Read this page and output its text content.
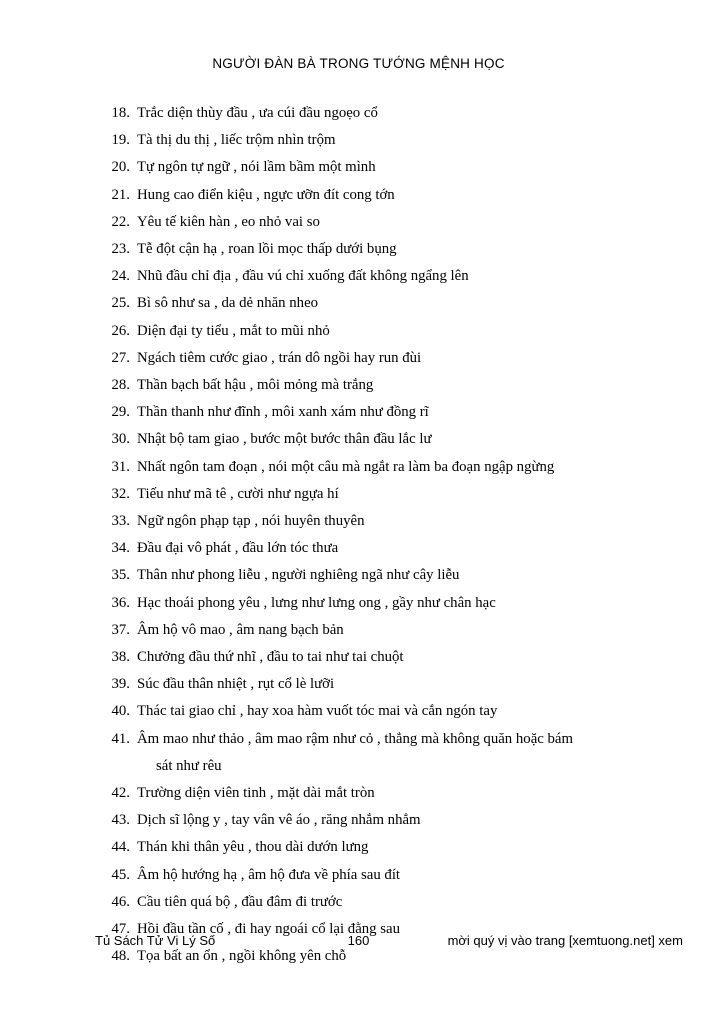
NGƯỜI ĐÀN BÀ TRONG TƯỚNG MỆNH HỌC
18. Trắc diện thùy đầu , ưa cúi đầu ngoẹo cổ
19. Tà thị du thị , liếc trộm nhìn trộm
20. Tự ngôn tự ngữ , nói lầm bầm một mình
21. Hung cao điển kiệu , ngực ưỡn đít cong tớn
22. Yêu tế kiên hàn , eo nhỏ vai so
23. Tễ đột cận hạ , roan lồi mọc thấp dưới bụng
24. Nhũ đầu chỉ địa , đầu vú chỉ xuống đất không ngẩng lên
25. Bì sô như sa , da dẻ nhăn nheo
26. Diện đại ty tiểu , mắt to mũi nhỏ
27. Ngách tiêm cước giao , trán dô ngồi hay run đùi
28. Thần bạch bất hậu , môi mỏng mà trắng
29. Thần thanh như đĩnh , môi xanh xám như đồng rĩ
30. Nhật bộ tam giao , bước một bước thân đầu lắc lư
31. Nhất ngôn tam đoạn , nói một câu mà ngắt ra làm ba đoạn ngập ngừng
32. Tiếu như mã tê , cười như ngựa hí
33. Ngữ ngôn phạp tạp , nói huyên thuyên
34. Đầu đại vô phát , đầu lớn tóc thưa
35. Thân như phong liễu , người nghiêng ngã như cây liễu
36. Hạc thoái phong yêu , lưng như lưng ong , gầy như chân hạc
37. Âm hộ vô mao , âm nang bạch bản
38. Chưởng đầu thứ nhĩ , đầu to tai như tai chuột
39. Súc đầu thân nhiệt , rụt cổ lè lưỡi
40. Thác tai giao chỉ , hay xoa hàm vuốt tóc mai và cắn ngón tay
41. Âm mao như thảo , âm mao rậm như cỏ , thẳng mà không quăn hoặc bám
sát như rêu
42. Trường diện viên tinh , mặt dài mắt tròn
43. Dịch sĩ lộng y , tay vân vê áo , răng nhắm nhẳm
44. Thán khi thân yêu , thou dài dướn lưng
45. Âm hộ hướng hạ , âm hộ đưa về phía sau đít
46. Cầu tiên quá bộ , đầu đâm đi trước
47. Hồi đầu tần cố , đi hay ngoái cổ lại đằng sau
48. Tọa bất an ổn , ngồi không yên chỗ
Tủ Sách Tử Vi Lý Số	160	mời quý vị vào trang [xemtuong.net] xem
